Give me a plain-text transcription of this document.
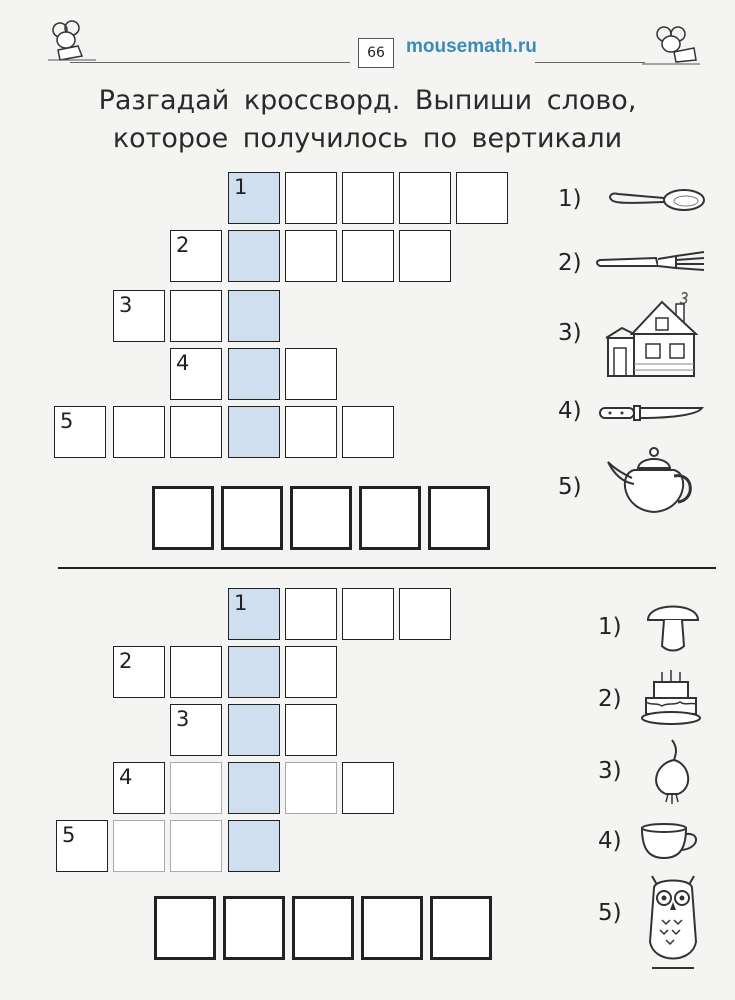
66	mousemath.ru
Разгадай кроссворд. Выпиши слово,
которое получилось по вертикали
1
2
3
4
5
1)
2)
3)
4)
5)
1
2
3
4
5
1)
2)
3)
4)
5)
